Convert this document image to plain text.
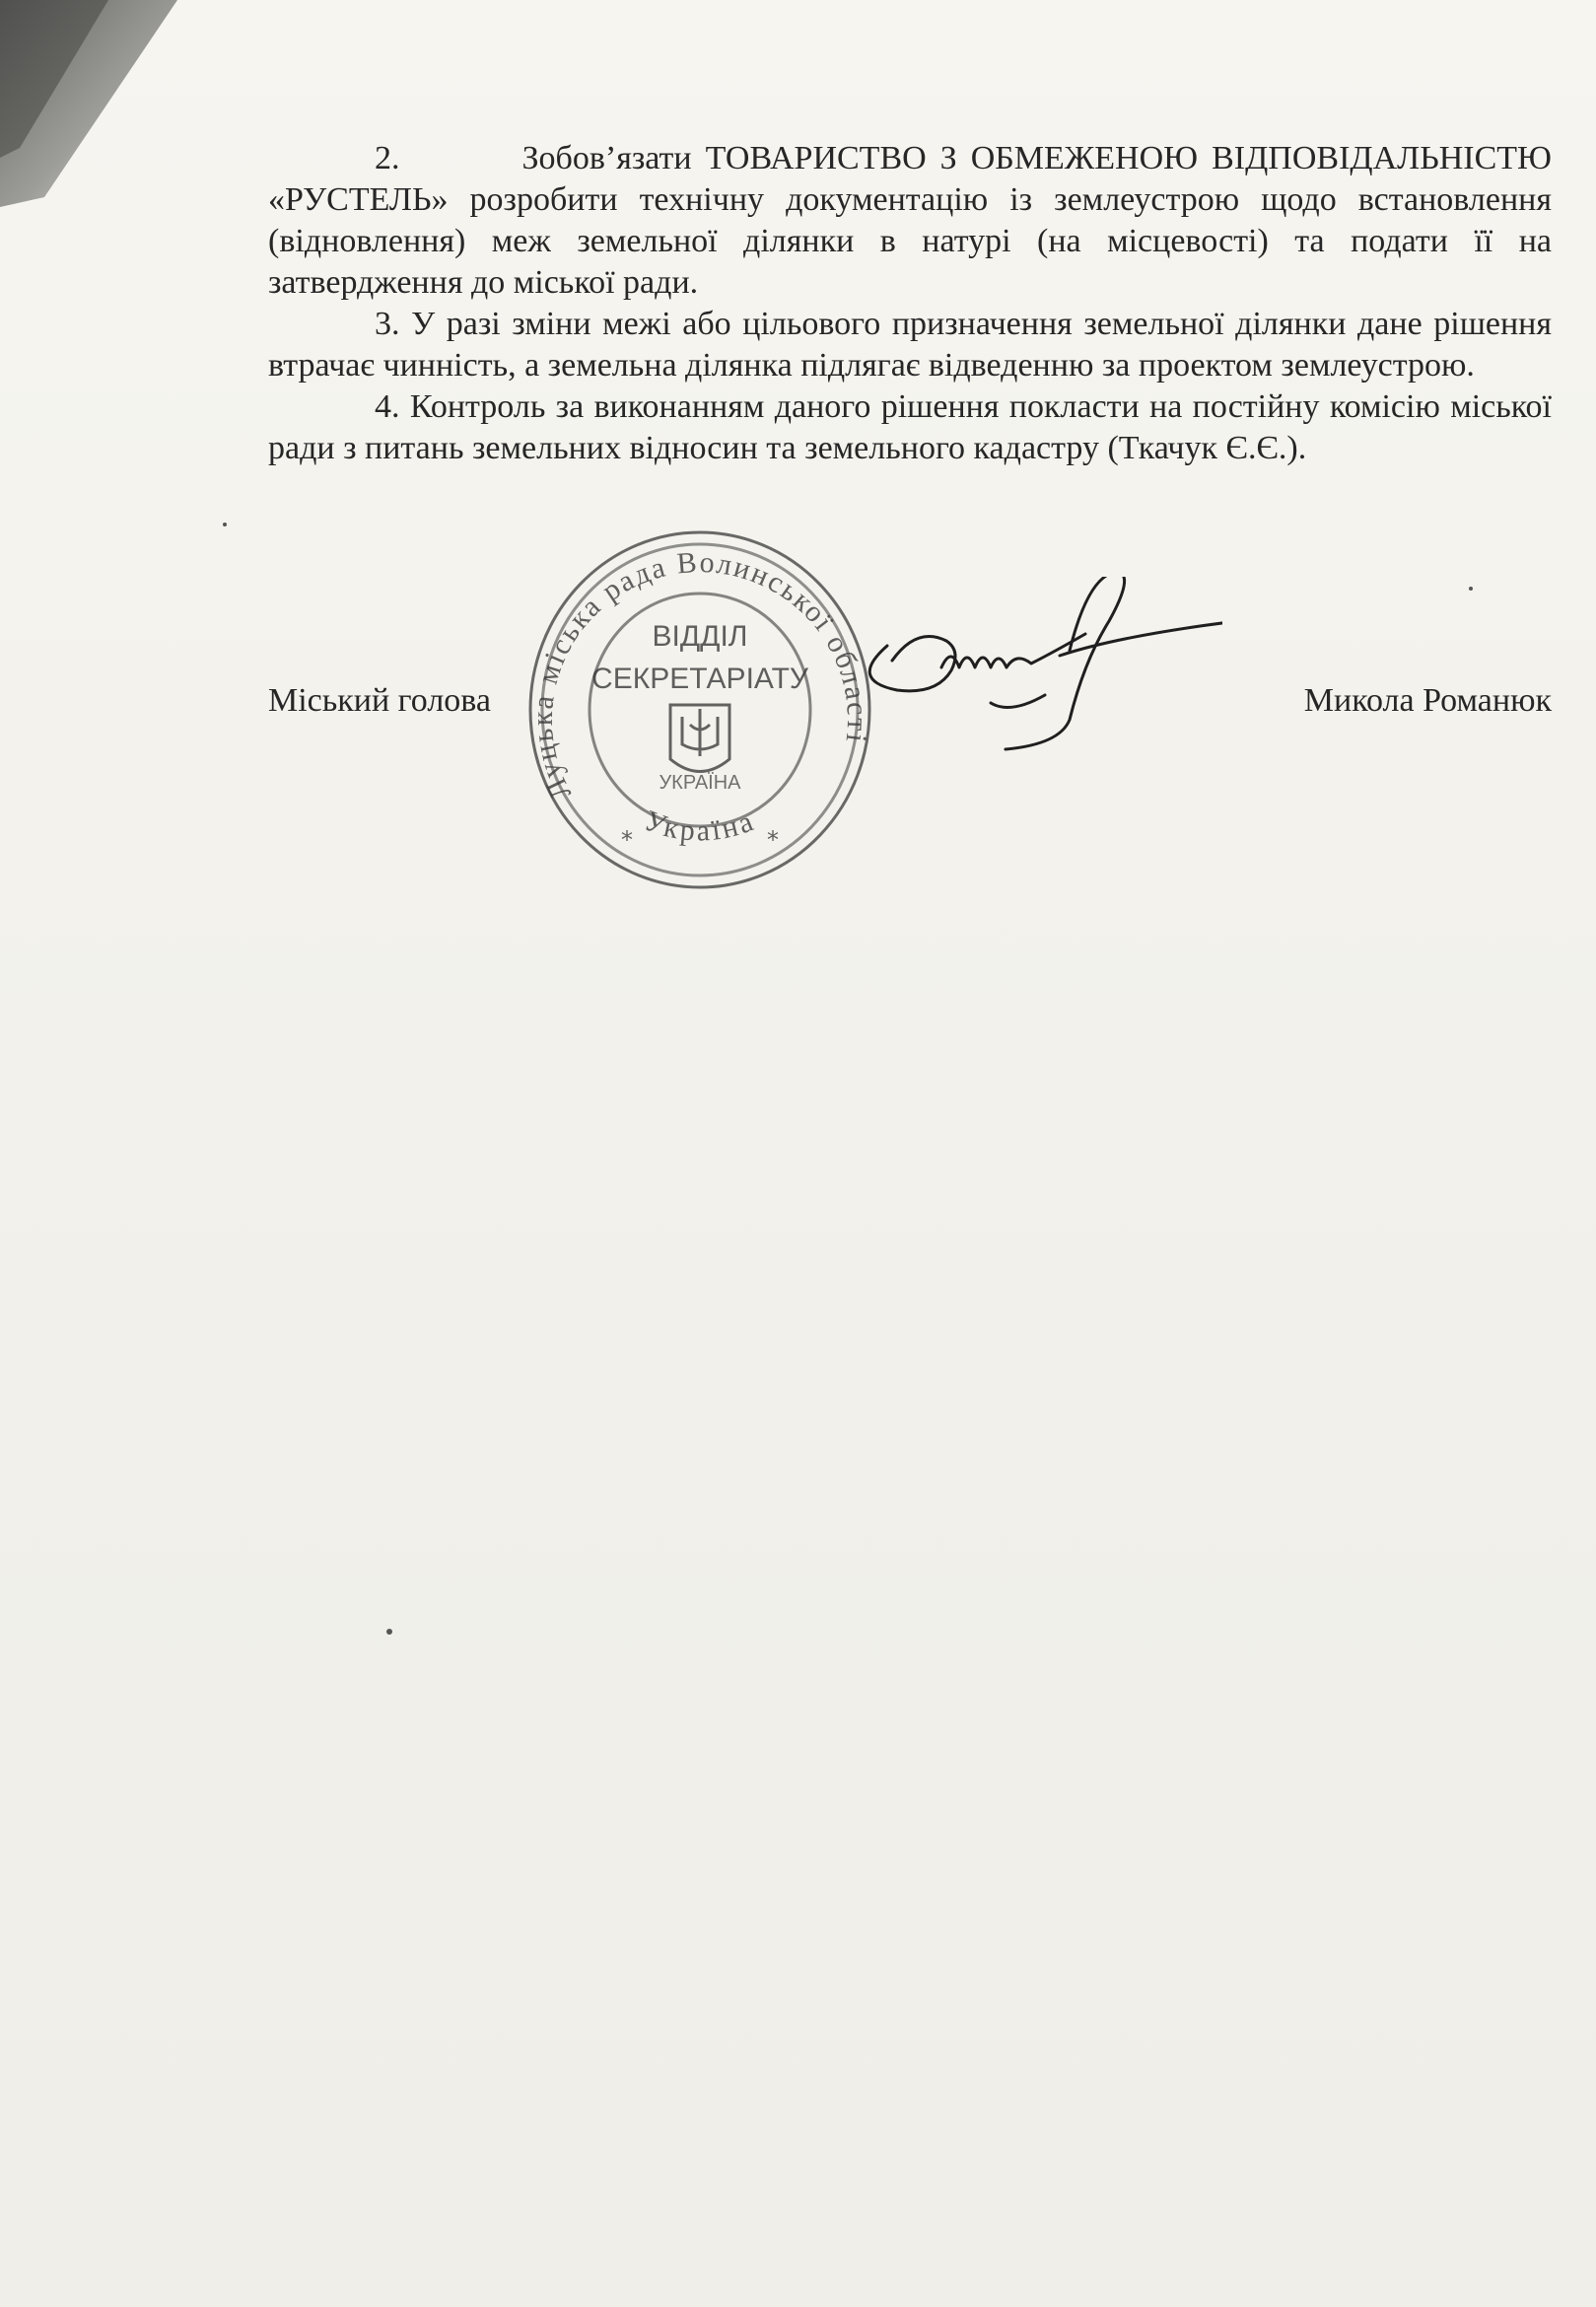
2.	Зобов’язати ТОВАРИСТВО З ОБМЕЖЕНОЮ ВІДПОВІДАЛЬНІСТЮ «РУСТЕЛЬ» розробити технічну документацію із землеустрою щодо встановлення (відновлення) меж земельної ділянки в натурі (на місцевості) та подати її на затвердження до міської ради.

3. У разі зміни межі або цільового призначення земельної ділянки дане рішення втрачає чинність, а земельна ділянка підлягає відведенню за проектом землеустрою.

4. Контроль за виконанням даного рішення покласти на постійну комісію міської ради з питань земельних відносин та земельного кадастру (Ткачук Є.Є.).

Міський голова	Микола Романюк
Луцька міська рада Волинської області
Україна
ВІДДІЛ
СЕКРЕТАРІАТУ
УКРАЇНА
*	*
